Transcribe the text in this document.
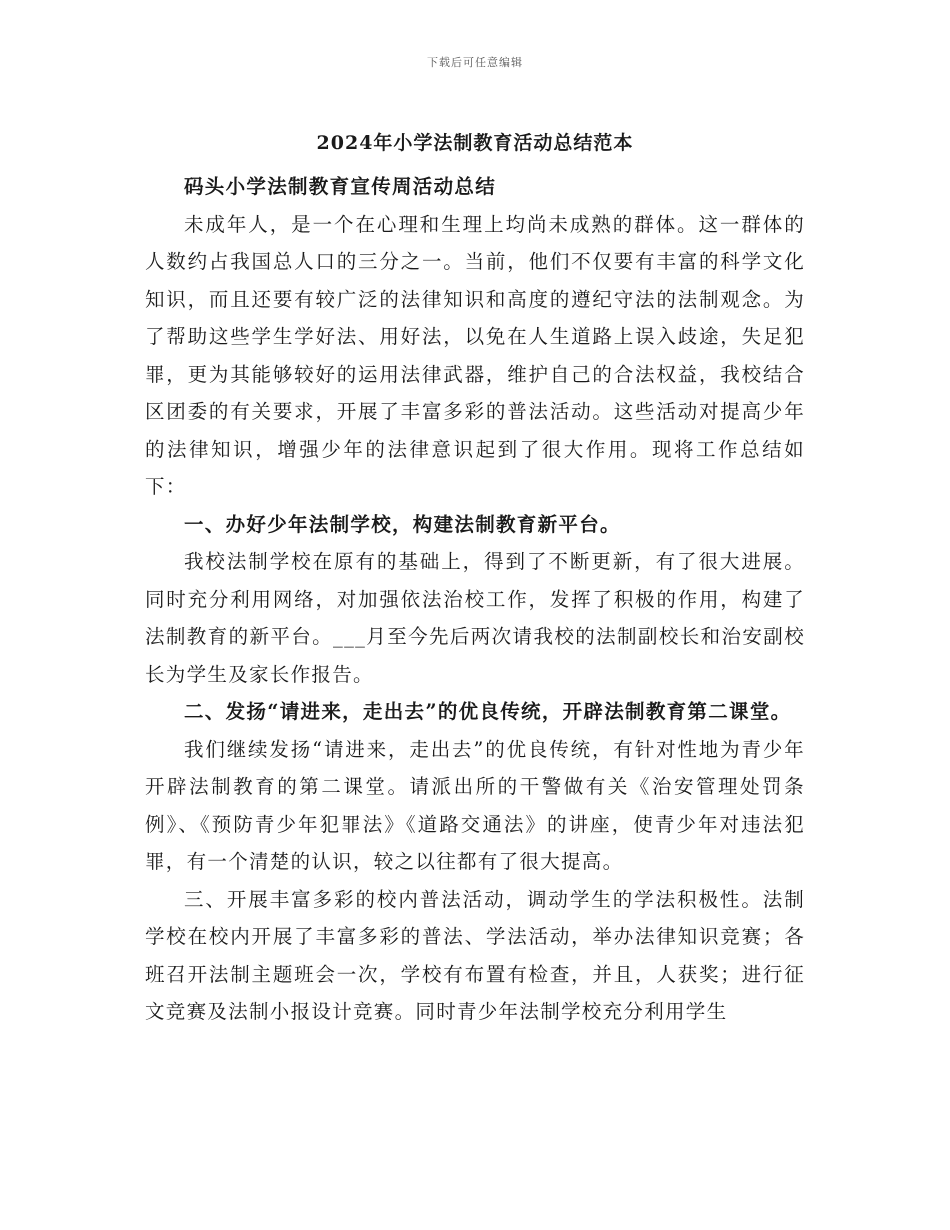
下载后可任意编辑
2024年小学法制教育活动总结范本

码头小学法制教育宣传周活动总结

未成年人，是一个在心理和生理上均尚未成熟的群体。这一群体的人数约占我国总人口的三分之一。当前，他们不仅要有丰富的科学文化知识，而且还要有较广泛的法律知识和高度的遵纪守法的法制观念。为了帮助这些学生学好法、用好法，以免在人生道路上误入歧途，失足犯罪，更为其能够较好的运用法律武器，维护自己的合法权益，我校结合区团委的有关要求，开展了丰富多彩的普法活动。这些活动对提高少年的法律知识，增强少年的法律意识起到了很大作用。现将工作总结如下：

一、办好少年法制学校，构建法制教育新平台。

我校法制学校在原有的基础上，得到了不断更新，有了很大进展。同时充分利用网络，对加强依法治校工作，发挥了积极的作用，构建了法制教育的新平台。___月至今先后两次请我校的法制副校长和治安副校长为学生及家长作报告。

二、发扬“请进来，走出去”的优良传统，开辟法制教育第二课堂。

我们继续发扬“请进来，走出去”的优良传统，有针对性地为青少年开辟法制教育的第二课堂。请派出所的干警做有关《治安管理处罚条例》、《预防青少年犯罪法》《道路交通法》的讲座，使青少年对违法犯罪，有一个清楚的认识，较之以往都有了很大提高。

三、开展丰富多彩的校内普法活动，调动学生的学法积极性。法制学校在校内开展了丰富多彩的普法、学法活动，举办法律知识竞赛；各班召开法制主题班会一次，学校有布置有检查，并且，人获奖；进行征文竞赛及法制小报设计竞赛。同时青少年法制学校充分利用学生
